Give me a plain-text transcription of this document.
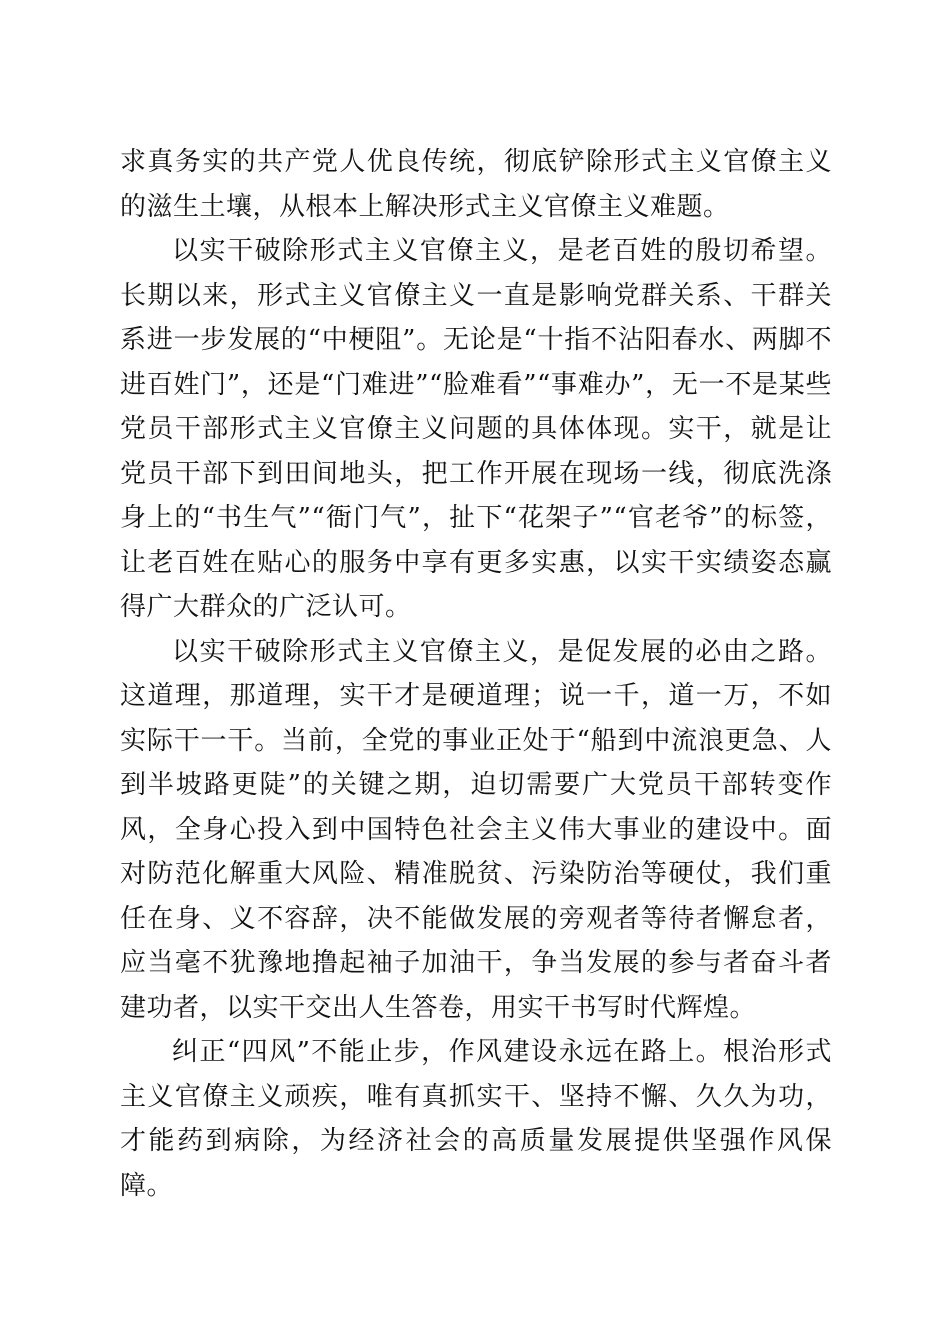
求真务实的共产党人优良传统，彻底铲除形式主义官僚主义的滋生土壤，从根本上解决形式主义官僚主义难题。

以实干破除形式主义官僚主义，是老百姓的殷切希望。长期以来，形式主义官僚主义一直是影响党群关系、干群关系进一步发展的“中梗阻”。无论是“十指不沾阳春水、两脚不进百姓门”，还是“门难进”“脸难看”“事难办”，无一不是某些党员干部形式主义官僚主义问题的具体体现。实干，就是让党员干部下到田间地头，把工作开展在现场一线，彻底洗涤身上的“书生气”“衙门气”，扯下“花架子”“官老爷”的标签，让老百姓在贴心的服务中享有更多实惠，以实干实绩姿态赢得广大群众的广泛认可。

以实干破除形式主义官僚主义，是促发展的必由之路。这道理，那道理，实干才是硬道理；说一千，道一万，不如实际干一干。当前，全党的事业正处于“船到中流浪更急、人到半坡路更陡”的关键之期，迫切需要广大党员干部转变作风，全身心投入到中国特色社会主义伟大事业的建设中。面对防范化解重大风险、精准脱贫、污染防治等硬仗，我们重任在身、义不容辞，决不能做发展的旁观者等待者懈怠者，应当毫不犹豫地撸起袖子加油干，争当发展的参与者奋斗者建功者，以实干交出人生答卷，用实干书写时代辉煌。

纠正“四风”不能止步，作风建设永远在路上。根治形式主义官僚主义顽疾，唯有真抓实干、坚持不懈、久久为功，才能药到病除，为经济社会的高质量发展提供坚强作风保障。
